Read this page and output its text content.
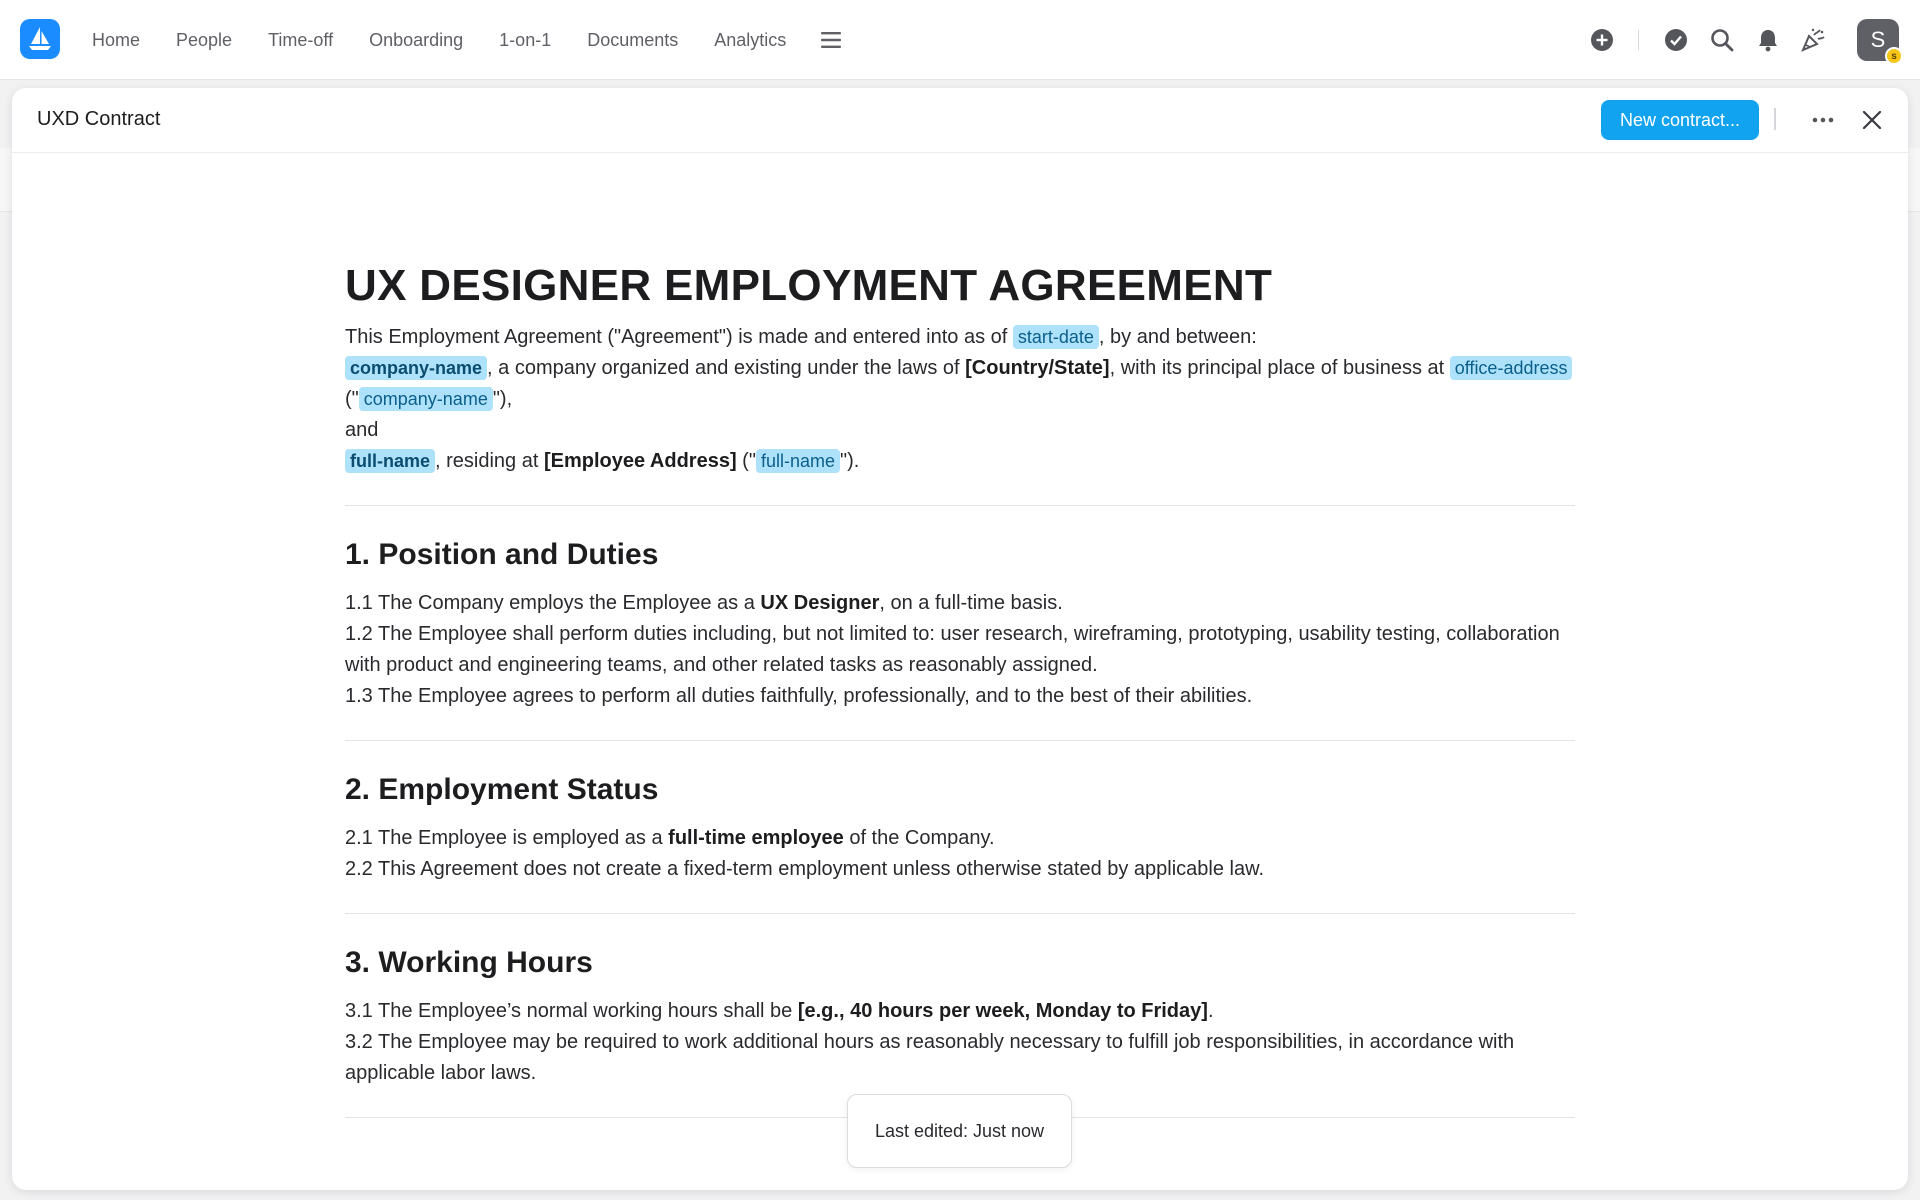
Home People Time-off Onboarding 1-on-1 Documents Analytics	S
s
UXD Contract	New contract...
UX DESIGNER EMPLOYMENT AGREEMENT
This Employment Agreement ("Agreement") is made and entered into as of start-date , by and between:
company-name , a company organized and existing under the laws of [Country/State], with its principal place of business at office-address (" company-name "),
and
full-name , residing at [Employee Address] (" full-name ").
1. Position and Duties
1.1 The Company employs the Employee as a UX Designer, on a full-time basis.
1.2 The Employee shall perform duties including, but not limited to: user research, wireframing, prototyping, usability testing, collaboration with product and engineering teams, and other related tasks as reasonably assigned.
1.3 The Employee agrees to perform all duties faithfully, professionally, and to the best of their abilities.
2. Employment Status
2.1 The Employee is employed as a full-time employee of the Company.
2.2 This Agreement does not create a fixed-term employment unless otherwise stated by applicable law.
3. Working Hours
3.1 The Employee’s normal working hours shall be [e.g., 40 hours per week, Monday to Friday].
3.2 The Employee may be required to work additional hours as reasonably necessary to fulfill job responsibilities, in accordance with applicable labor laws.
Last edited: Just now
